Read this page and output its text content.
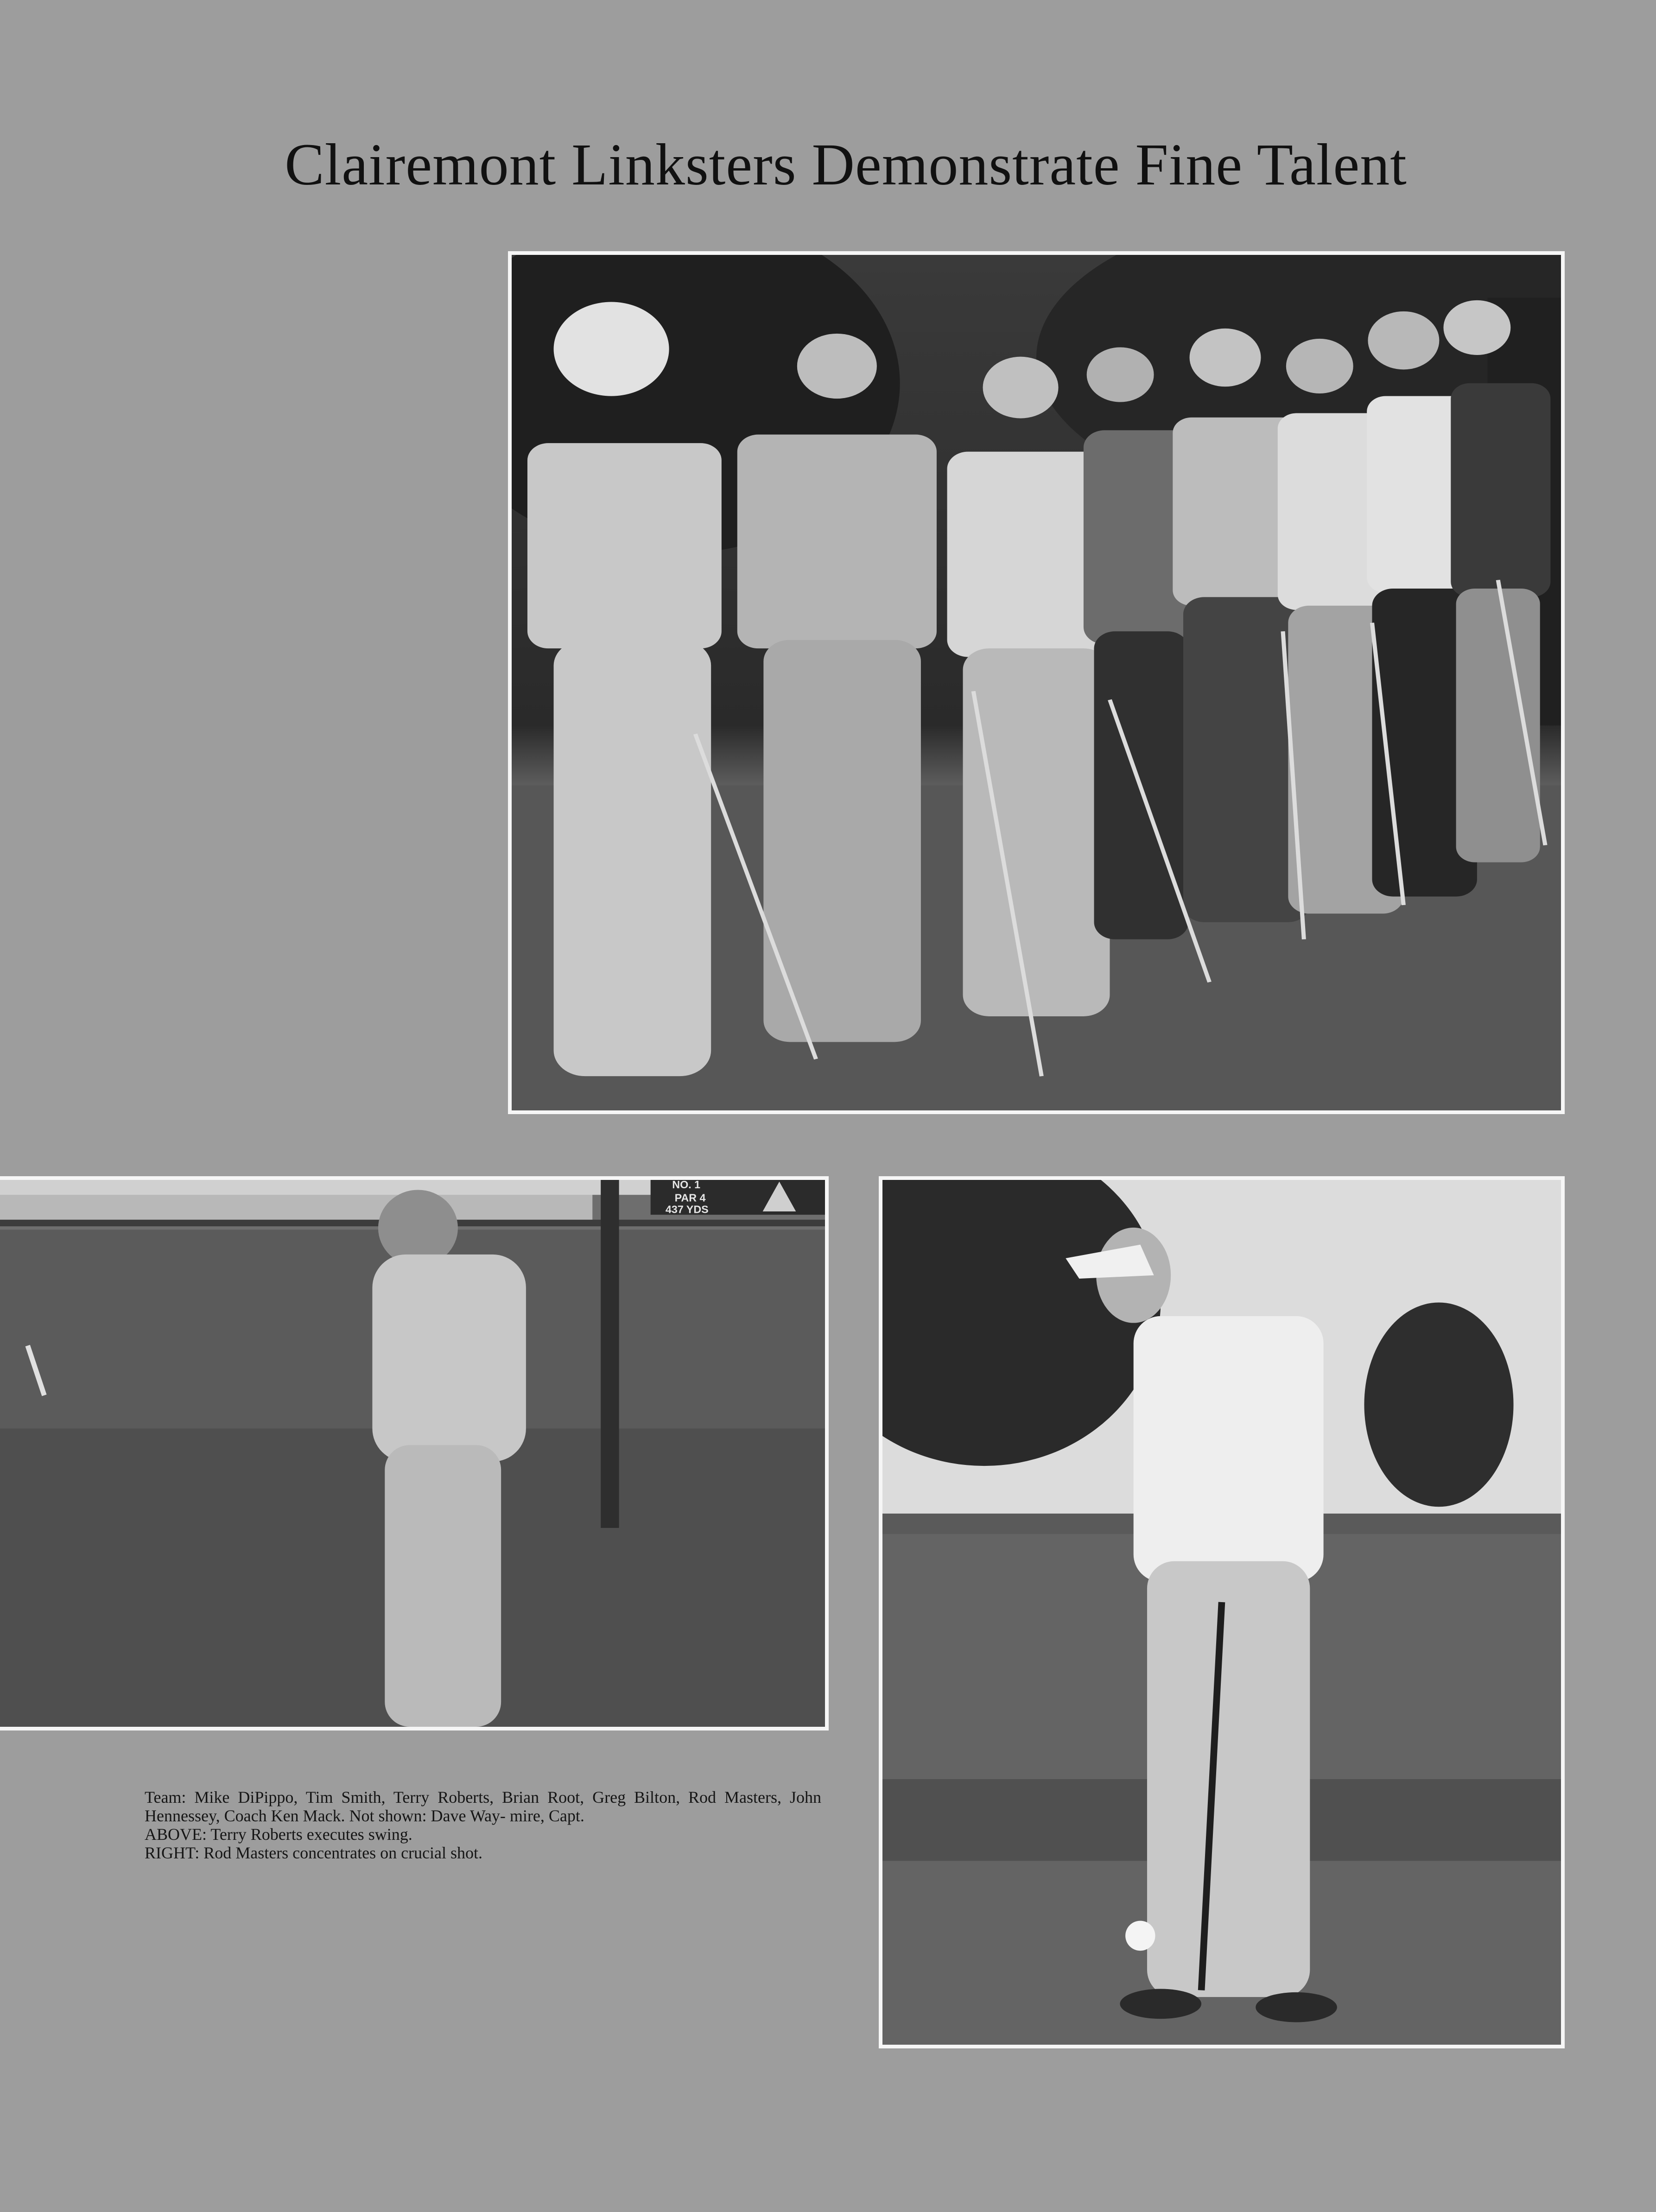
Clairemont Linksters Demonstrate Fine Talent
NO. 1
PAR 4
437 YDS

Team: Mike DiPippo, Tim Smith, Terry Roberts, Brian Root, Greg Bilton, Rod Masters, John Hennessey, Coach Ken Mack. Not shown: Dave Way- mire, Capt.

ABOVE: Terry Roberts executes swing.

RIGHT: Rod Masters concentrates on crucial shot.
